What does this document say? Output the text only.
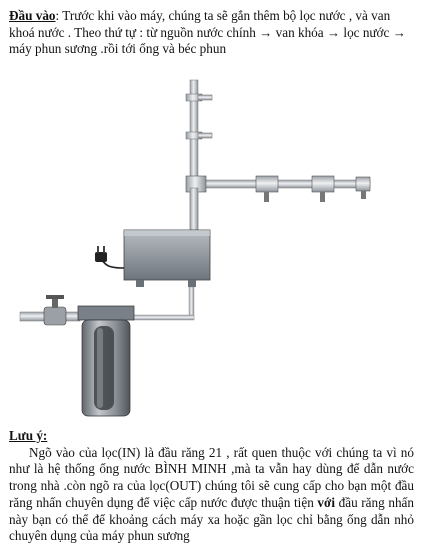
Đầu vào: Trước khi vào máy, chúng ta sẽ gắn thêm bộ lọc nước , và van khoá nước . Theo thứ tự : từ nguồn nước chính → van khóa → lọc nước → máy phun sương .rồi tới ống và béc phun
Lưu ý:

Ngõ vào của lọc(IN) là đầu răng 21 , rất quen thuộc với chúng ta vì nó như là hệ thống ống nước BÌNH MINH ,mà ta vẫn hay dùng để dẫn nước trong nhà .còn ngõ ra của lọc(OUT) chúng tôi sẽ cung cấp cho bạn một đầu răng nhấn chuyên dụng để việc cấp nước được thuận tiện với đầu răng nhấn này bạn có thể để khoảng cách máy xa hoặc gần lọc chỉ bằng ống dẫn nhỏ chuyên dụng của máy phun sương
